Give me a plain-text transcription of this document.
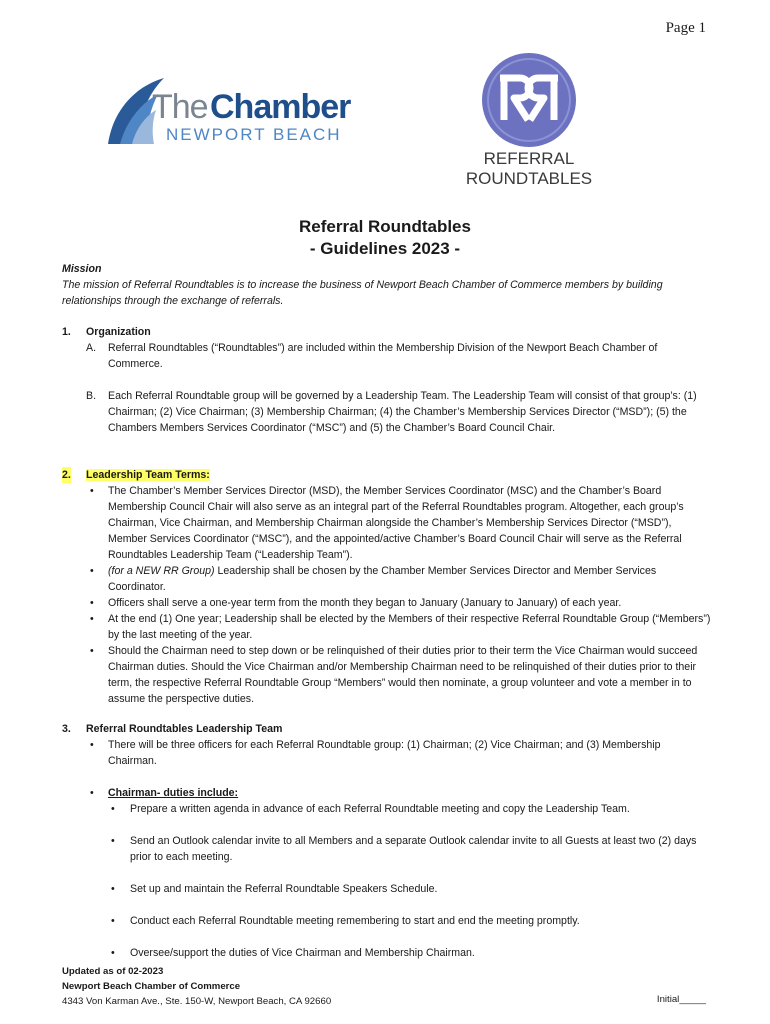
Page 1
The Chamber
NEWPORT BEACH
REFERRAL
ROUNDTABLES
Referral Roundtables
- Guidelines 2023 -
Mission
The mission of Referral Roundtables is to increase the business of Newport Beach Chamber of Commerce members by building relationships through the exchange of referrals.
1. Organization
A. Referral Roundtables (“Roundtables”) are included within the Membership Division of the Newport Beach Chamber of Commerce.
B. Each Referral Roundtable group will be governed by a Leadership Team. The Leadership Team will consist of that group’s: (1) Chairman; (2) Vice Chairman; (3) Membership Chairman; (4) the Chamber’s Membership Services Director (“MSD”); (5) the Chambers Members Services Coordinator (“MSC”) and (5) the Chamber’s Board Council Chair.
2. Leadership Team Terms:
• The Chamber’s Member Services Director (MSD), the Member Services Coordinator (MSC) and the Chamber’s Board Membership Council Chair will also serve as an integral part of the Referral Roundtables program. Altogether, each group’s Chairman, Vice Chairman, and Membership Chairman alongside the Chamber’s Membership Services Director (“MSD”), Member Services Coordinator (“MSC”), and the appointed/active Chamber’s Board Council Chair will serve as the Referral Roundtables Leadership Team (“Leadership Team”).
• (for a NEW RR Group) Leadership shall be chosen by the Chamber Member Services Director and Member Services Coordinator.
• Officers shall serve a one-year term from the month they began to January (January to January) of each year.
• At the end (1) One year; Leadership shall be elected by the Members of their respective Referral Roundtable Group (“Members”) by the last meeting of the year.
• Should the Chairman need to step down or be relinquished of their duties prior to their term the Vice Chairman would succeed Chairman duties. Should the Vice Chairman and/or Membership Chairman need to be relinquished of their duties prior to their term, the respective Referral Roundtable Group “Members” would then nominate, a group volunteer and vote a member in to assume the perspective duties.
3. Referral Roundtables Leadership Team
• There will be three officers for each Referral Roundtable group: (1) Chairman; (2) Vice Chairman; and (3) Membership Chairman.
• Chairman- duties include:
• Prepare a written agenda in advance of each Referral Roundtable meeting and copy the Leadership Team.
• Send an Outlook calendar invite to all Members and a separate Outlook calendar invite to all Guests at least two (2) days prior to each meeting.
• Set up and maintain the Referral Roundtable Speakers Schedule.
• Conduct each Referral Roundtable meeting remembering to start and end the meeting promptly.
• Oversee/support the duties of Vice Chairman and Membership Chairman.
Updated as of 02-2023
Newport Beach Chamber of Commerce
4343 Von Karman Ave., Ste. 150-W, Newport Beach, CA 92660	Initial_____
